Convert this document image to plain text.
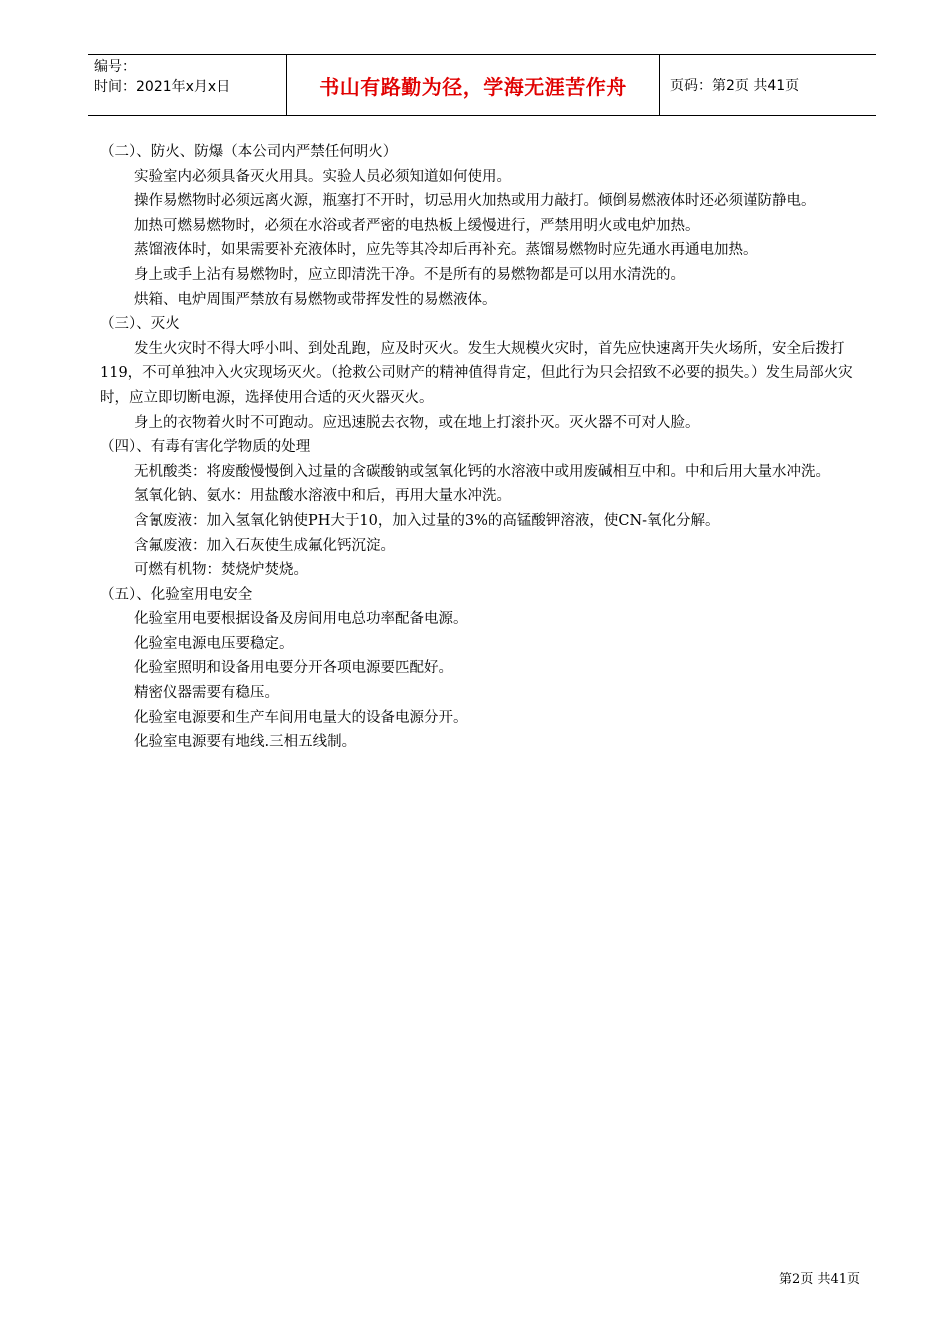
编号：
时间：2021年x月x日	书山有路勤为径，学海无涯苦作舟	页码：第2页 共41页

（二）、防火、防爆（本公司内严禁任何明火）

实验室内必须具备灭火用具。实验人员必须知道如何使用。

操作易燃物时必须远离火源，瓶塞打不开时，切忌用火加热或用力敲打。倾倒易燃液体时还必须谨防静电。

加热可燃易燃物时，必须在水浴或者严密的电热板上缓慢进行，严禁用明火或电炉加热。

蒸馏液体时，如果需要补充液体时，应先等其冷却后再补充。蒸馏易燃物时应先通水再通电加热。

身上或手上沾有易燃物时，应立即清洗干净。不是所有的易燃物都是可以用水清洗的。

烘箱、电炉周围严禁放有易燃物或带挥发性的易燃液体。

（三）、灭火

发生火灾时不得大呼小叫、到处乱跑，应及时灭火。发生大规模火灾时，首先应快速离开失火场所，安全后拨打119，不可单独冲入火灾现场灭火。（抢救公司财产的精神值得肯定，但此行为只会招致不必要的损失。）发生局部火灾时，应立即切断电源，选择使用合适的灭火器灭火。

身上的衣物着火时不可跑动。应迅速脱去衣物，或在地上打滚扑灭。灭火器不可对人脸。

（四）、有毒有害化学物质的处理

无机酸类：将废酸慢慢倒入过量的含碳酸钠或氢氧化钙的水溶液中或用废碱相互中和。中和后用大量水冲洗。

氢氧化钠、氨水：用盐酸水溶液中和后，再用大量水冲洗。

含氰废液：加入氢氧化钠使PH大于10，加入过量的3%的高锰酸钾溶液，使CN-氧化分解。

含氟废液：加入石灰使生成氟化钙沉淀。

可燃有机物：焚烧炉焚烧。

（五）、化验室用电安全

化验室用电要根据设备及房间用电总功率配备电源。

化验室电源电压要稳定。

化验室照明和设备用电要分开各项电源要匹配好。

精密仪器需要有稳压。

化验室电源要和生产车间用电量大的设备电源分开。

化验室电源要有地线.三相五线制。

第2页 共41页
